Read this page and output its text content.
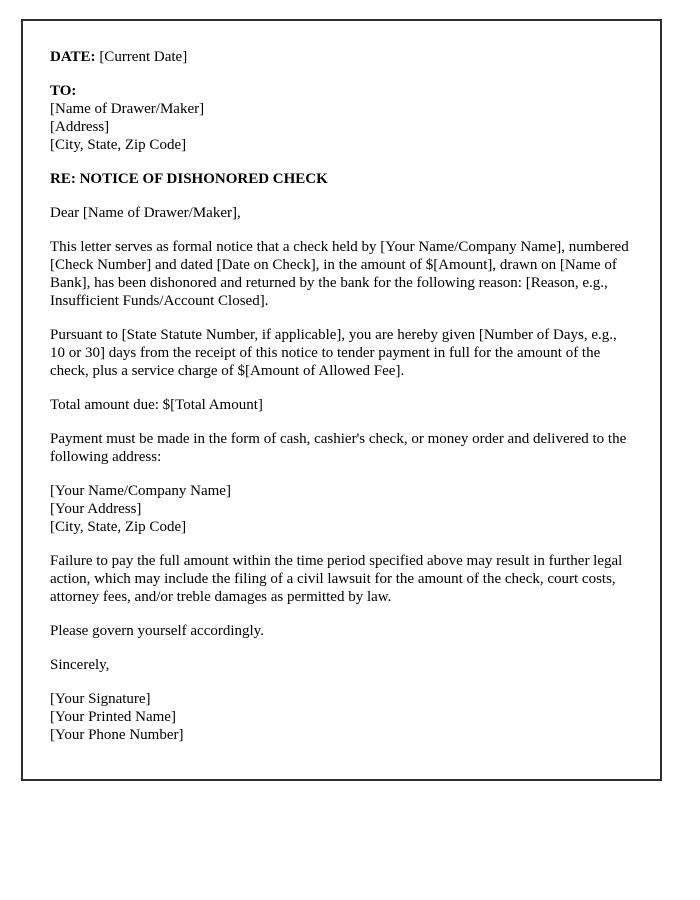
DATE: [Current Date]

TO:
[Name of Drawer/Maker]
[Address]
[City, State, Zip Code]

RE: NOTICE OF DISHONORED CHECK

Dear [Name of Drawer/Maker],

This letter serves as formal notice that a check held by [Your Name/Company Name], numbered [Check Number] and dated [Date on Check], in the amount of $[Amount], drawn on [Name of Bank], has been dishonored and returned by the bank for the following reason: [Reason, e.g., Insufficient Funds/Account Closed].

Pursuant to [State Statute Number, if applicable], you are hereby given [Number of Days, e.g., 10 or 30] days from the receipt of this notice to tender payment in full for the amount of the check, plus a service charge of $[Amount of Allowed Fee].

Total amount due: $[Total Amount]

Payment must be made in the form of cash, cashier's check, or money order and delivered to the following address:

[Your Name/Company Name]
[Your Address]
[City, State, Zip Code]

Failure to pay the full amount within the time period specified above may result in further legal action, which may include the filing of a civil lawsuit for the amount of the check, court costs, attorney fees, and/or treble damages as permitted by law.

Please govern yourself accordingly.

Sincerely,

[Your Signature]
[Your Printed Name]
[Your Phone Number]
